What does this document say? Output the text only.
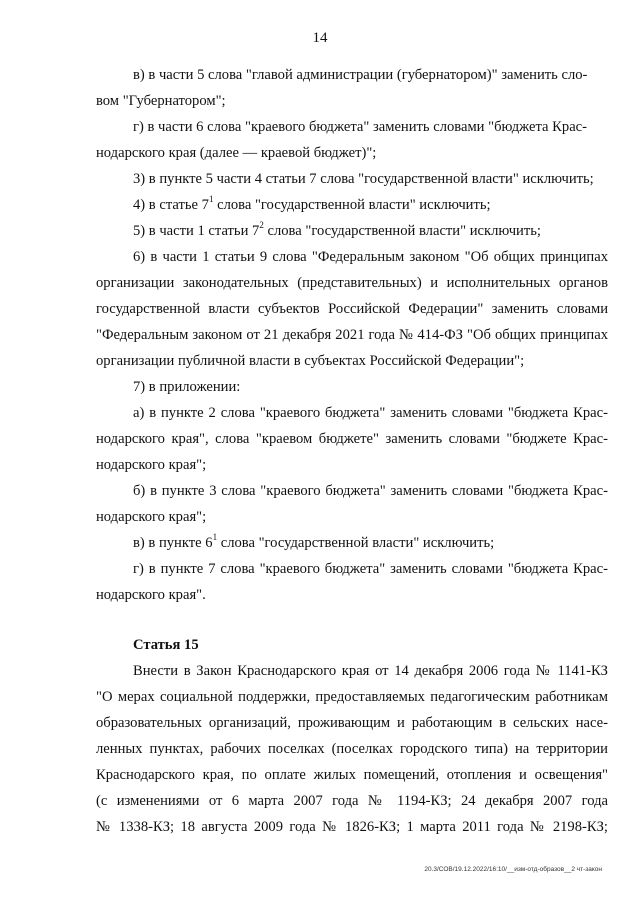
14
в) в части 5 слова "главой администрации (губернатором)" заменить сло-
вом "Губернатором";
г) в части 6 слова "краевого бюджета" заменить словами "бюджета Крас-
нодарского края (далее — краевой бюджет)";
3) в пункте 5 части 4 статьи 7 слова "государственной власти" исключить;
4) в статье $7^1$ слова "государственной власти" исключить;
5) в части 1 статьи $7^2$ слова "государственной власти" исключить;
6) в части 1 статьи 9 слова "Федеральным законом "Об общих принципах
организации законодательных (представительных) и исполнительных органов
государственной власти субъектов Российской Федерации" заменить словами
"Федеральным законом от 21 декабря 2021 года № 414-ФЗ "Об общих принципах
организации публичной власти в субъектах Российской Федерации";
7) в приложении:
а) в пункте 2 слова "краевого бюджета" заменить словами "бюджета Крас-
нодарского края", слова "краевом бюджете" заменить словами "бюджете Крас-
нодарского края";
б) в пункте 3 слова "краевого бюджета" заменить словами "бюджета Крас-
нодарского края";
в) в пункте $6^1$ слова "государственной власти" исключить;
г) в пункте 7 слова "краевого бюджета" заменить словами "бюджета Крас-
нодарского края".
Статья 15
Внести в Закон Краснодарского края от 14 декабря 2006 года № 1141-КЗ
"О мерах социальной поддержки, предоставляемых педагогическим работникам
образовательных организаций, проживающим и работающим в сельских насе-
ленных пунктах, рабочих поселках (поселках городского типа) на территории
Краснодарского края, по оплате жилых помещений, отопления и освещения"
(с изменениями от 6 марта 2007 года № 1194-КЗ; 24 декабря 2007 года
№ 1338-КЗ; 18 августа 2009 года № 1826-КЗ; 1 марта 2011 года № 2198-КЗ;
20.3/СОВ/19.12.2022/16:10/__изм-отд-образов__2 чт-закон
